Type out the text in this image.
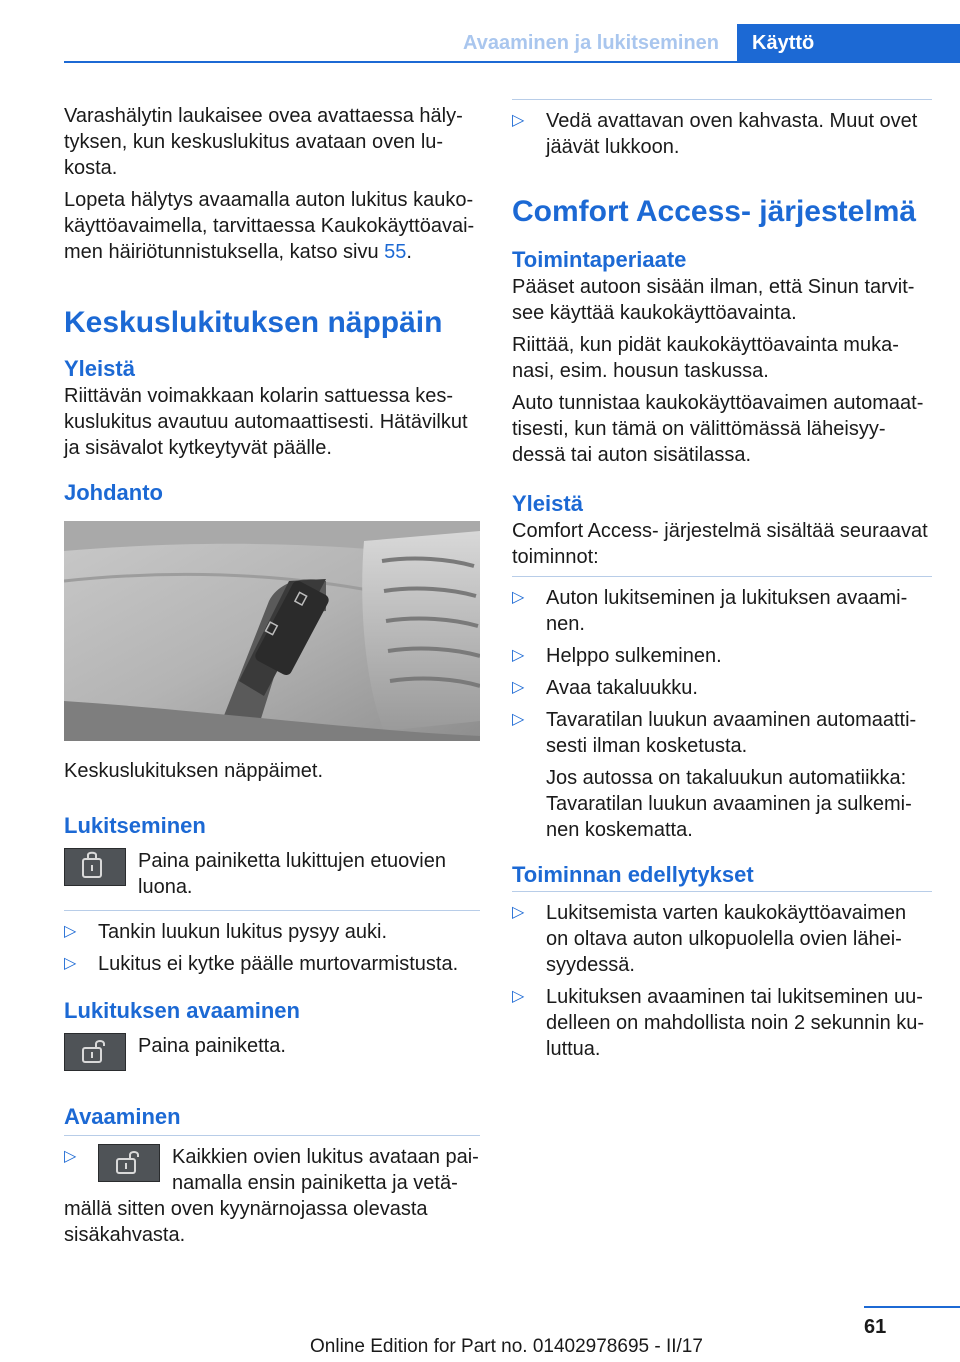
Avaaminen ja lukitseminen	Käyttö

Varashälytin laukaisee ovea avattaessa häly- tyksen, kun keskuslukitus avataan oven lu- kosta.

Lopeta hälytys avaamalla auton lukitus kauko- käyttöavaimella, tarvittaessa Kaukokäyttöavai- men häiriötunnistuksella, katso sivu 55.

Keskuslukituksen näppäin
Yleistä

Riittävän voimakkaan kolarin sattuessa kes- kuslukitus avautuu automaattisesti. Hätävilkut ja sisävalot kytkeytyvät päälle.

Johdanto

Keskuslukituksen näppäimet.

Lukitseminen
Paina painiketta lukittujen etuovien luona.
▷ Tankin luukun lukitus pysyy auki.
▷ Lukitus ei kytke päälle murtovarmistusta.
Lukituksen avaaminen
Paina painiketta.
Avaaminen
▷	Kaikkien ovien lukitus avataan pai- namalla ensin painiketta ja vetä-
mällä sitten oven kyynärnojassa olevasta sisäkahvasta.
▷ Vedä avattavan oven kahvasta. Muut ovet jäävät lukkoon.
Comfort Access- järjestelmä
Toimintaperiaate

Pääset autoon sisään ilman, että Sinun tarvit- see käyttää kaukokäyttöavainta.

Riittää, kun pidät kaukokäyttöavainta muka- nasi, esim. housun taskussa.

Auto tunnistaa kaukokäyttöavaimen automaat- tisesti, kun tämä on välittömässä läheisyy- dessä tai auton sisätilassa.

Yleistä

Comfort Access- järjestelmä sisältää seuraavat toiminnot:

▷ Auton lukitseminen ja lukituksen avaami- nen.
▷ Helppo sulkeminen.
▷ Avaa takaluukku.
▷ Tavaratilan luukun avaaminen automaatti- sesti ilman kosketusta.
Jos autossa on takaluukun automatiikka: Tavaratilan luukun avaaminen ja sulkemi- nen koskematta.
Toiminnan edellytykset
▷ Lukitsemista varten kaukokäyttöavaimen on oltava auton ulkopuolella ovien lähei- syydessä.
▷ Lukituksen avaaminen tai lukitseminen uu- delleen on mahdollista noin 2 sekunnin ku- luttua.
61
Online Edition for Part no. 01402978695 - II/17
